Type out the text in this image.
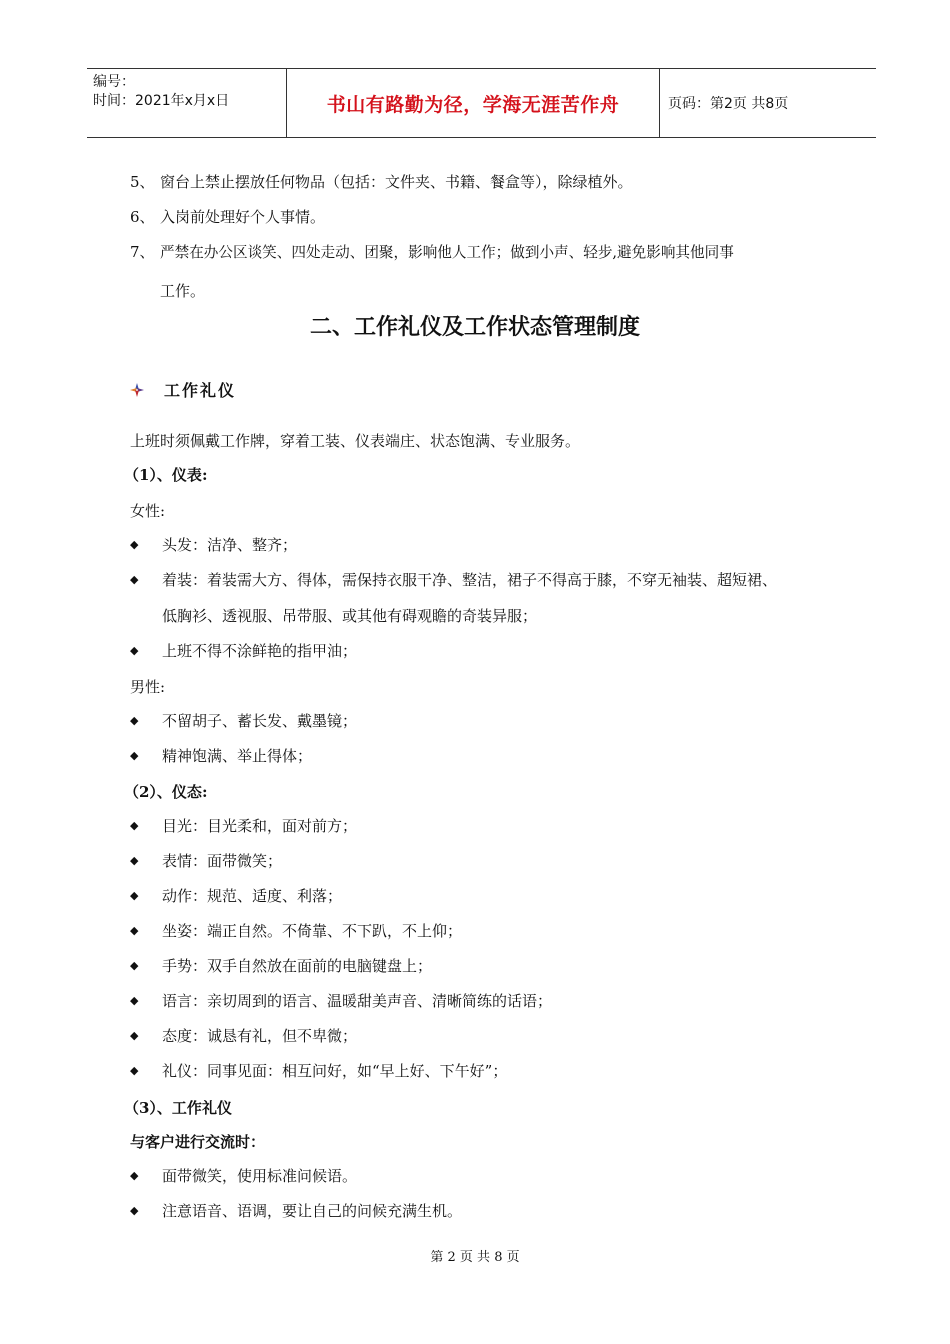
编号：
时间：2021年x月x日	书山有路勤为径，学海无涯苦作舟	页码：第2页 共8页
5、 窗台上禁止摆放任何物品（包括：文件夹、书籍、餐盒等），除绿植外。
6、 入岗前处理好个人事情。
7、 严禁在办公区谈笑、四处走动、团聚，影响他人工作；做到小声、轻步,避免影响其他同事
工作。
二、工作礼仪及工作状态管理制度
工作礼仪
上班时须佩戴工作牌，穿着工装、仪表端庄、状态饱满、专业服务。
（1）、仪表:
女性:
◆ 头发：洁净、整齐；
◆ 着装：着装需大方、得体，需保持衣服干净、整洁，裙子不得高于膝，不穿无袖装、超短裙、
低胸衫、透视服、吊带服、或其他有碍观瞻的奇装异服；
◆ 上班不得不涂鲜艳的指甲油；
男性:
◆ 不留胡子、蓄长发、戴墨镜；
◆ 精神饱满、举止得体；
（2）、仪态:
◆ 目光：目光柔和，面对前方；
◆ 表情：面带微笑；
◆ 动作：规范、适度、利落；
◆ 坐姿：端正自然。不倚靠、不下趴，不上仰；
◆ 手势：双手自然放在面前的电脑键盘上；
◆ 语言：亲切周到的语言、温暖甜美声音、清晰简练的话语；
◆ 态度：诚恳有礼，但不卑微；
◆ 礼仪：同事见面：相互问好，如“早上好、下午好”；
（3）、工作礼仪
与客户进行交流时：
◆ 面带微笑，使用标准问候语。
◆ 注意语音、语调，要让自己的问候充满生机。
第 2 页 共 8 页
